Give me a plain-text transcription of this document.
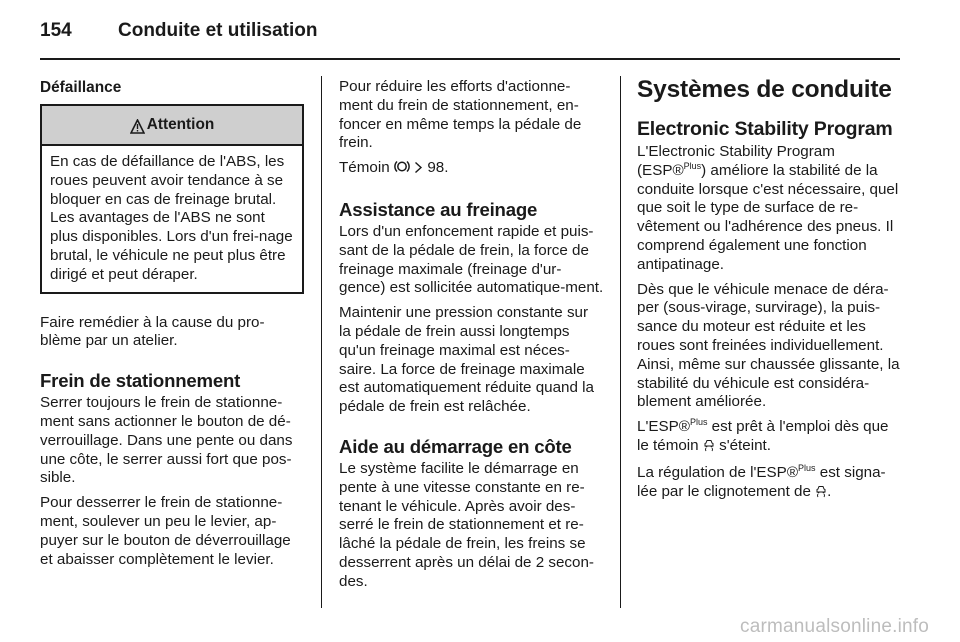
154 Conduite et utilisation
Défaillance
Attention
En cas de défaillance de l'ABS, les roues peuvent avoir tendance à se bloquer en cas de freinage brutal. Les avantages de l'ABS ne sont plus disponibles. Lors d'un frei-nage brutal, le véhicule ne peut plus être dirigé et peut déraper.
Faire remédier à la cause du pro-blème par un atelier.
Frein de stationnement
Serrer toujours le frein de stationne-ment sans actionner le bouton de dé-verrouillage. Dans une pente ou dans une côte, le serrer aussi fort que pos-sible.
Pour desserrer le frein de stationne-ment, soulever un peu le levier, ap-puyer sur le bouton de déverrouillage et abaisser complètement le levier.
Pour réduire les efforts d'actionne-ment du frein de stationnement, en-foncer en même temps la pédale de frein.
Témoin 98.
Assistance au freinage
Lors d'un enfoncement rapide et puis-sant de la pédale de frein, la force de freinage maximale (freinage d'ur-gence) est sollicitée automatique-ment.
Maintenir une pression constante sur la pédale de frein aussi longtemps qu'un freinage maximal est néces-saire. La force de freinage maximale est automatiquement réduite quand la pédale de frein est relâchée.
Aide au démarrage en côte
Le système facilite le démarrage en pente à une vitesse constante en re-tenant le véhicule. Après avoir des-serré le frein de stationnement et re-lâché la pédale de frein, les freins se desserrent après un délai de 2 secon-des.
Systèmes de conduite
Electronic Stability Program
L'Electronic Stability Program (ESP®$^{Plus}$) améliore la stabilité de la conduite lorsque c'est nécessaire, quel que soit le type de surface de re-vêtement ou l'adhérence des pneus. Il comprend également une fonction antipatinage.
Dès que le véhicule menace de déra-per (sous-virage, survirage), la puis-sance du moteur est réduite et les roues sont freinées individuellement. Ainsi, même sur chaussée glissante, la stabilité du véhicule est considéra-blement améliorée.
L'ESP®$^{Plus}$ est prêt à l'emploi dès que le témoin s'éteint.
La régulation de l'ESP®$^{Plus}$ est signa-lée par le clignotement de .
carmanualsonline.info
